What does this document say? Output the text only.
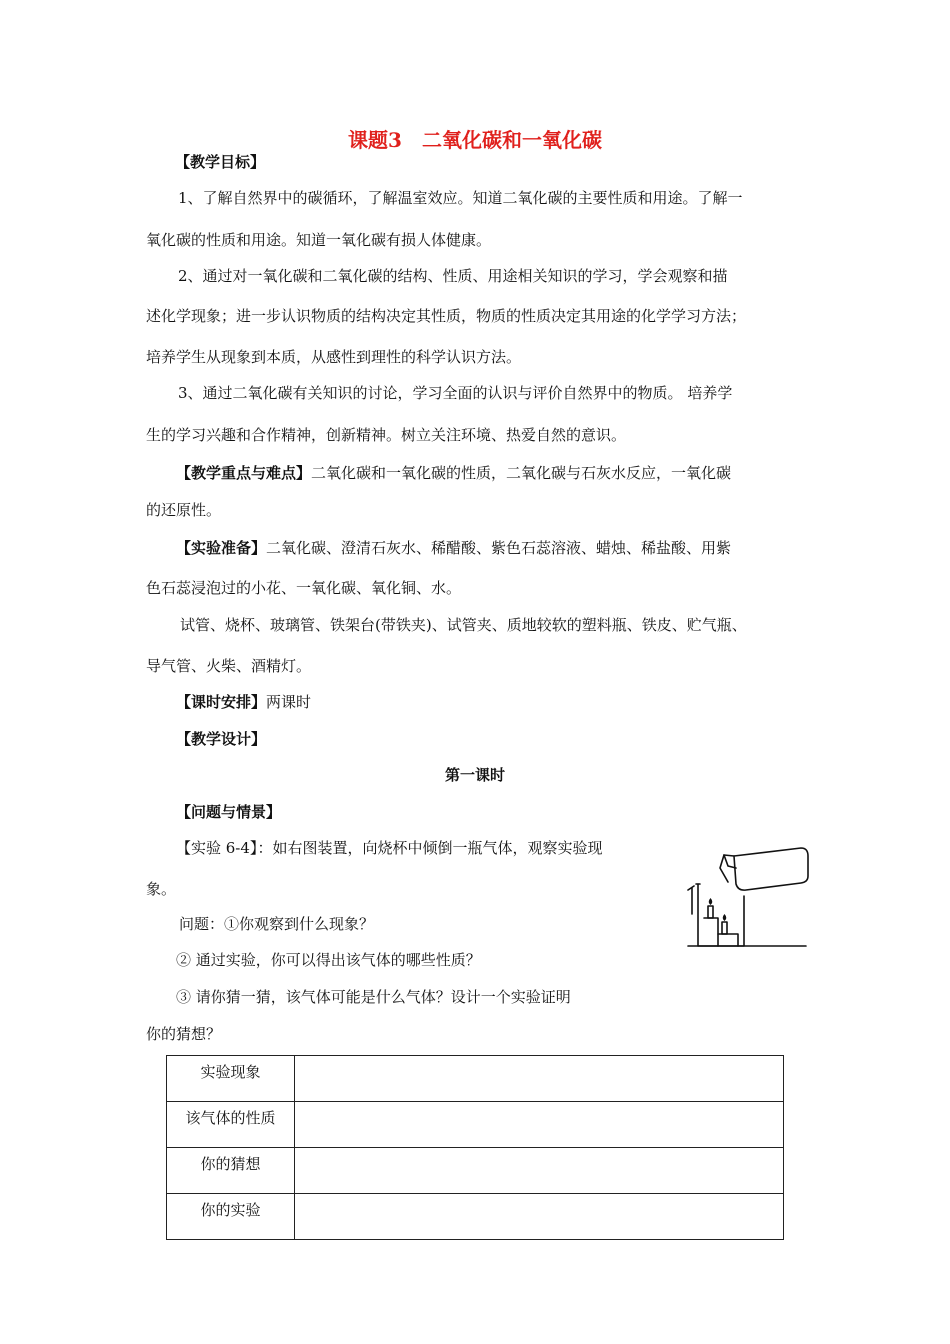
课题3 二氧化碳和一氧化碳
【教学目标】
1、了解自然界中的碳循环，了解温室效应。知道二氧化碳的主要性质和用途。了解一
氧化碳的性质和用途。知道一氧化碳有损人体健康。
2、通过对一氧化碳和二氧化碳的结构、性质、用途相关知识的学习，学会观察和描
述化学现象；进一步认识物质的结构决定其性质，物质的性质决定其用途的化学学习方法；
培养学生从现象到本质，从感性到理性的科学认识方法。
3、通过二氧化碳有关知识的讨论，学习全面的认识与评价自然界中的物质。 培养学
生的学习兴趣和合作精神，创新精神。树立关注环境、热爱自然的意识。
【教学重点与难点】二氧化碳和一氧化碳的性质，二氧化碳与石灰水反应，一氧化碳
的还原性。
【实验准备】二氧化碳、澄清石灰水、稀醋酸、紫色石蕊溶液、蜡烛、稀盐酸、用紫
色石蕊浸泡过的小花、一氧化碳、氧化铜、水。
试管、烧杯、玻璃管、铁架台(带铁夹)、试管夹、质地较软的塑料瓶、铁皮、贮气瓶、
导气管、火柴、酒精灯。
【课时安排】两课时
【教学设计】
第一课时
【问题与情景】
【实验 6-4】：如右图装置，向烧杯中倾倒一瓶气体，观察实验现
象。
问题：①你观察到什么现象？
② 通过实验，你可以得出该气体的哪些性质？
③ 请你猜一猜，该气体可能是什么气体？设计一个实验证明
你的猜想？
实验现象	
该气体的性质	
你的猜想	
你的实验	
